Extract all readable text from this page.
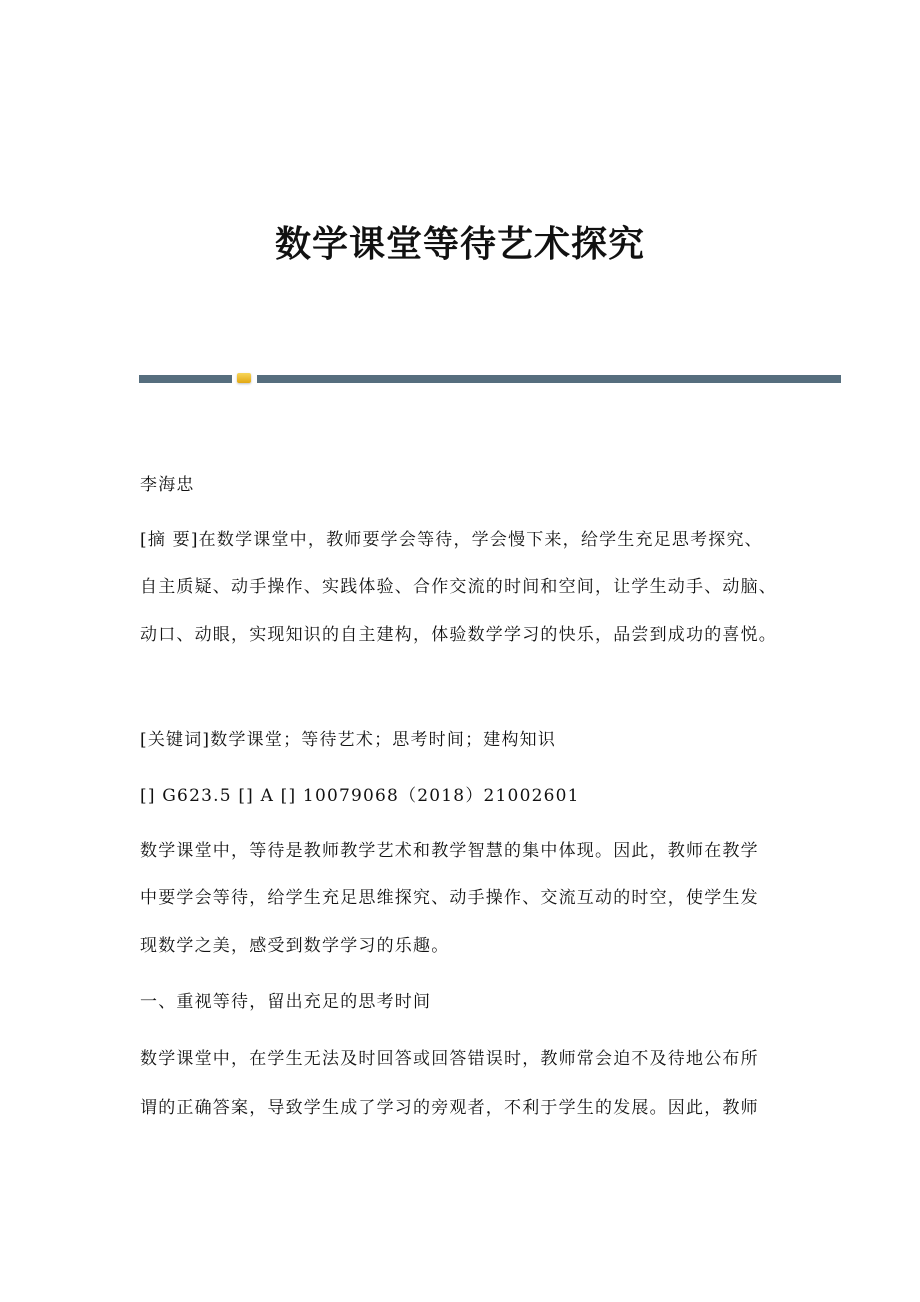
数学课堂等待艺术探究
李海忠
[摘 要]在数学课堂中，教师要学会等待，学会慢下来，给学生充足思考探究、
自主质疑、动手操作、实践体验、合作交流的时间和空间，让学生动手、动脑、
动口、动眼，实现知识的自主建构，体验数学学习的快乐，品尝到成功的喜悦。
[关键词]数学课堂；等待艺术；思考时间；建构知识
[] G623.5 [] A [] 10079068（2018）21002601
数学课堂中，等待是教师教学艺术和教学智慧的集中体现。因此，教师在教学
中要学会等待，给学生充足思维探究、动手操作、交流互动的时空，使学生发
现数学之美，感受到数学学习的乐趣。
一、重视等待，留出充足的思考时间
数学课堂中，在学生无法及时回答或回答错误时，教师常会迫不及待地公布所
谓的正确答案，导致学生成了学习的旁观者，不利于学生的发展。因此，教师
